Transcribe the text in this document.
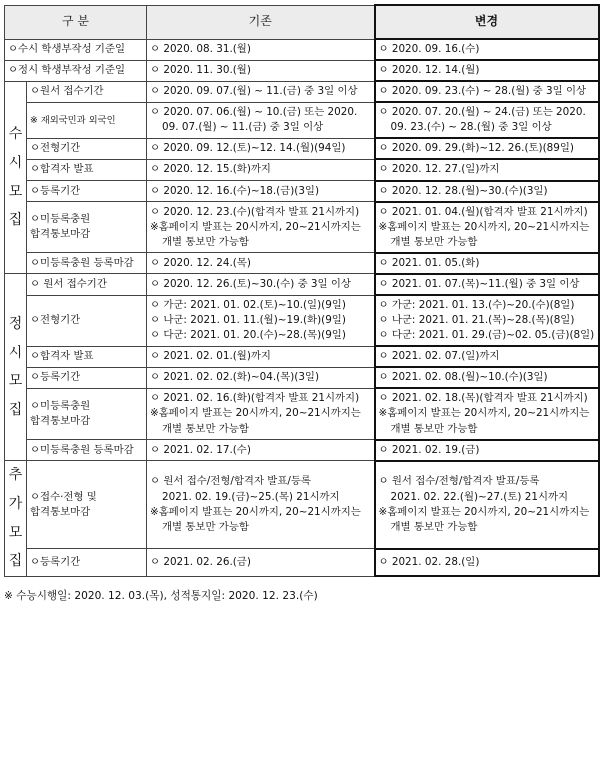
구 분		기존	변경

ㅇ수시 학생부작성 기준일		ㅇ 2020. 08. 31.(월)	ㅇ 2020. 09. 16.(수)

ㅇ정시 학생부작성 기준일		ㅇ 2020. 11. 30.(월)	ㅇ 2020. 12. 14.(월)

수
시
모
집	ㅇ원서 접수기간	ㅇ 2020. 09. 07.(월) ~ 11.(금) 중 3일 이상	ㅇ 2020. 09. 23.(수) ~ 28.(월) 중 3일 이상

	※ 재외국민과 외국인	ㅇ 2020. 07. 06.(월) ~ 10.(금) 또는 2020.
09. 07.(월) ~ 11.(금) 중 3일 이상	ㅇ 2020. 07. 20.(월) ~ 24.(금) 또는 2020.
09. 23.(수) ~ 28.(월) 중 3일 이상

	ㅇ전형기간	ㅇ 2020. 09. 12.(토)~12. 14.(월)(94일)	ㅇ 2020. 09. 29.(화)~12. 26.(토)(89일)

	ㅇ합격자 발표	ㅇ 2020. 12. 15.(화)까지	ㅇ 2020. 12. 27.(일)까지

	ㅇ등록기간	ㅇ 2020. 12. 16.(수)~18.(금)(3일)	ㅇ 2020. 12. 28.(월)~30.(수)(3일)

	ㅇ미등록충원
합격통보마감	ㅇ 2020. 12. 23.(수)(합격자 발표 21시까지)
※홈페이지 발표는 20시까지, 20~21시까지는
개별 통보만 가능함	ㅇ 2021. 01. 04.(월)(합격자 발표 21시까지)
※홈페이지 발표는 20시까지, 20~21시까지는
개별 통보만 가능함

	ㅇ미등록충원 등록마감	ㅇ 2020. 12. 24.(목)	ㅇ 2021. 01. 05.(화)

정
시
모
집	ㅇ 원서 접수기간	ㅇ 2020. 12. 26.(토)~30.(수) 중 3일 이상	ㅇ 2021. 01. 07.(목)~11.(월) 중 3일 이상

	ㅇ전형기간	ㅇ 가군: 2021. 01. 02.(토)~10.(일)(9일)
ㅇ 나군: 2021. 01. 11.(월)~19.(화)(9일)
ㅇ 다군: 2021. 01. 20.(수)~28.(목)(9일)	ㅇ 가군: 2021. 01. 13.(수)~20.(수)(8일)
ㅇ 나군: 2021. 01. 21.(목)~28.(목)(8일)
ㅇ 다군: 2021. 01. 29.(금)~02. 05.(금)(8일)

	ㅇ합격자 발표	ㅇ 2021. 02. 01.(월)까지	ㅇ 2021. 02. 07.(일)까지

	ㅇ등록기간	ㅇ 2021. 02. 02.(화)~04.(목)(3일)	ㅇ 2021. 02. 08.(월)~10.(수)(3일)

	ㅇ미등록충원
합격통보마감	ㅇ 2021. 02. 16.(화)(합격자 발표 21시까지)
※홈페이지 발표는 20시까지, 20~21시까지는
개별 통보만 가능함	ㅇ 2021. 02. 18.(목)(합격자 발표 21시까지)
※홈페이지 발표는 20시까지, 20~21시까지는
개별 통보만 가능함

	ㅇ미등록충원 등록마감	ㅇ 2021. 02. 17.(수)	ㅇ 2021. 02. 19.(금)

추
가
모
집	ㅇ접수·전형 및
합격통보마감	ㅇ 원서 접수/전형/합격자 발표/등록
2021. 02. 19.(금)~25.(목) 21시까지
※홈페이지 발표는 20시까지, 20~21시까지는
개별 통보만 가능함	ㅇ 원서 접수/전형/합격자 발표/등록
2021. 02. 22.(월)~27.(토) 21시까지
※홈페이지 발표는 20시까지, 20~21시까지는
개별 통보만 가능함

	ㅇ등록기간	ㅇ 2021. 02. 26.(금)	ㅇ 2021. 02. 28.(일)
※ 수능시행일: 2020. 12. 03.(목), 성적통지일: 2020. 12. 23.(수)
